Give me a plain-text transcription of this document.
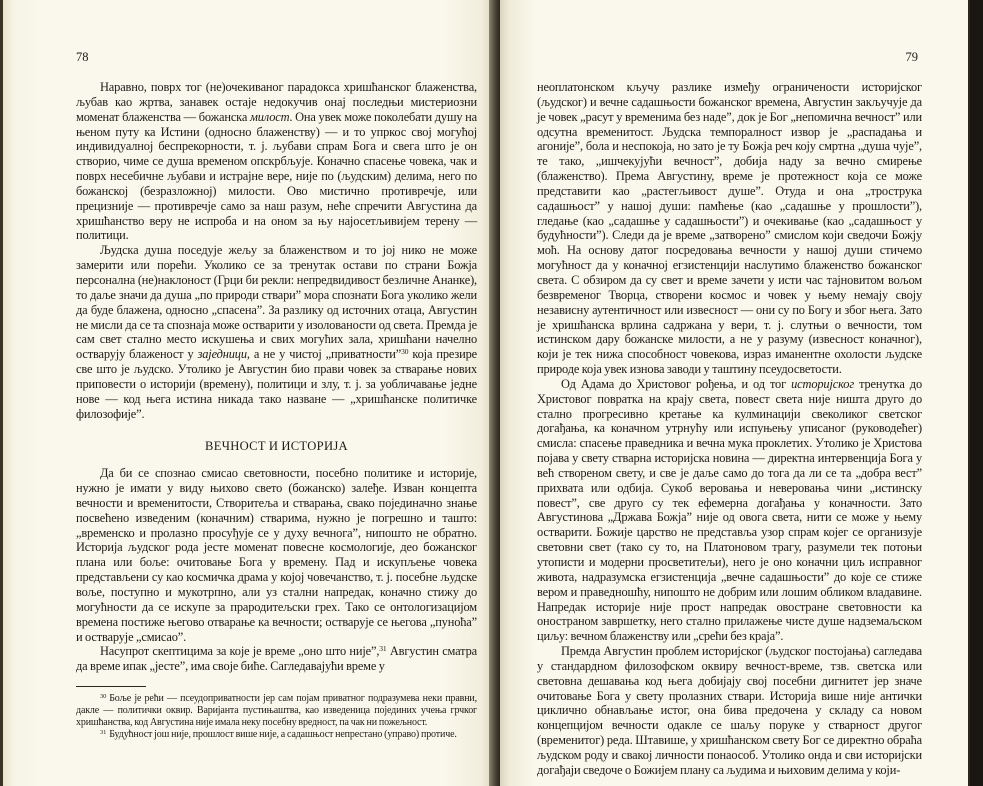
78

Наравно, поврх тог (не)очекиваног парадокса хришћанског блаженства, љубав као жртва, занавек остаје недокучив онај последњи мистериозни моменат блаженства — божанска милост. Она увек може поколебати душу на њеном путу ка Истини (односно блаженству) — и то упркос свој могућој индивидуалној беспрекорности, т. ј. љубави спрам Бога и свега што је он створио, чиме се душа временом опскрбљује. Коначно спасење човека, чак и поврх несебичне љубави и истрајне вере, није по (људским) делима, него по божанској (безразложној) милости. Ово мистично противречје, или прецизније — противречје само за наш разум, неће спречити Августина да хришћанство веру не испроба и на оном за њу најосетљивијем терену — политици.

Људска душа поседује жељу за блаженством и то јој нико не може замерити или порећи. Уколико се за тренутак остави по страни Божја персонална (не)наклоност (Грци би рекли: непредвидивост безличне Ананке), то даље значи да душа „по природи ствари” мора спознати Бога уколико жели да буде блажена, односно „спасена”. За разлику од источних отаца, Августин не мисли да се та спознаја може остварити у изолованости од света. Премда је сам свет стално место искушења и свих могућих зала, хришћани начелно остварују блаженост у заједници, а не у чистој „приватности”$^{30}$ која презире све што је људско. Утолико је Августин био прави човек за стварање нових приповести о историји (времену), политици и злу, т. ј. за уобличавање једне нове — код њега истина никада тако назване — „хришћанске политичке филозофије”.

ВЕЧНОСТ И ИСТОРИЈА

Да би се спознао смисао световности, посебно политике и историје, нужно је имати у виду њихово свето (божанско) залеђе. Изван концепта вечности и временитости, Створитеља и стварања, свако појединачно знање посвећено изведеним (коначним) стварима, нужно је погрешно и таштo: „временско и пролазно просуђује се у духу вечнога”, нипошто не обратно. Историја људског рода јесте моменат повесне космологије, део божанског плана или боље: очитовање Бога у времену. Пад и искупљење човека представљени су као космичка драма у којој човечанство, т. ј. посебне људске воље, поступно и мукотрпно, али уз стални напредак, коначно стижу до могућности да се искупе за прародитељски грех. Тако се онтологизацијом времена постиже његово отварање ка вечности; остварује се његова „пуноћа” и остварује „смисао”.

Насупрот скептицима за које је време „оно што није”,$^{31}$ Августин сматра да време ипак „јесте”, има своје биће. Сагледавајући време у

$^{30}$ Боље је рећи — псеудоприватности јер сам појам приватног подразумева неки правни, дакле — политички оквир. Варијанта пустињаштва, као изведеница појединих учења грчког хришћанства, код Августина није имала неку посебну вредност, па чак ни пожељност.

$^{31}$ Будућност још није, прошлост више није, а садашњост непрестано (управо) протиче.

79

неоплатонском кључу разлике између ограничености историјског (људског) и вечне садашњости божанског времена, Августин закључује да је човек „расут у временима без наде”, док је Бог „непомична вечност” или одсутна временитост. Људска темпоралност извор је „распадања и агоније”, бола и неспокоја, но зато је ту Божја реч коју смртна „душа чује”, те тако, „ишчекујући вечност”, добија наду за вечно смирење (блаженство). Према Августину, време је протежност која се може представити као „растегљивост душе”. Отуда и она „трострука садашњост” у нашој души: памћење (као „садашње у прошлости”), гледање (као „садашње у садашњости”) и очекивање (као „садашњост у будућности”). Следи да је време „затворено” смислом који сведочи Божју моћ. На основу датог посредовања вечности у нашој души стичемо могућност да у коначној егзистенцији наслутимо блаженство божанског света. С обзиром да су свет и време зачети у исти час тајновитом вољом безвременог Творца, створени космос и човек у њему немају своју независну аутентичност или извесност — они су по Богу и због њега. Зато је хришћанска врлина садржана у вери, т. ј. слутњи о вечности, том истинском дару божанске милости, а не у разуму (извесност коначног), који је тек нижа способност човекова, израз иманентне охолости људске природе која увек изнова заводи у таштину псеудосветости.

Од Адама до Христовог рођења, и од тог историјског тренутка до Христовог повратка на крају света, повест света није ништа друго до стално прогресивно кретање ка кулминацији свеколиког светског догађања, ка коначном утрнућу или испуњењу уписаног (руководећег) смисла: спасење праведника и вечна мука проклетих. Утолико је Христова појава у свету стварна историјска новина — директна интервенција Бога у већ створеном свету, и све је даље само до тога да ли се та „добра вест” прихвата или одбија. Сукоб веровања и неверовања чини „истинску повест”, све друго су тек ефемерна догађања у коначности. Зато Августинова „Држава Божја” није од овога света, нити се може у њему остварити. Божије царство не представља узор спрам којег се организује световни свет (тако су то, на Платоновом трагу, разумели тек потоњи утописти и модерни просветитељи), него је оно коначни циљ исправног живота, надразумска егзистенција „вечне садашњости” до које се стиже вером и праведношћу, нипошто не добрим или лошим обликом владавине. Напредак историје није прост напредак овостране световности ка оностраном завршетку, него стално прилажење чисте душе надземаљском циљу: вечном блаженству или „срећи без краја”.

Премда Августин проблем историјског (људског постојања) сагледава у стандардном филозофском оквиру вечност-време, тзв. светска или световна дешавања код њега добијају свој посебни дигнитет јер значе очитовање Бога у свету пролазних ствари. Историја више није антички циклично обнављање истог, она бива предочена у складу са новом концепцијом вечности одакле се шаљу поруке у стварност другог (временитог) реда. Штавише, у хришћанском свету Бог се директно обраћа људском роду и свакој личности понаособ. Утолико онда и сви историјски догађаји сведоче о Божијем плану са људима и њиховим делима у који-
